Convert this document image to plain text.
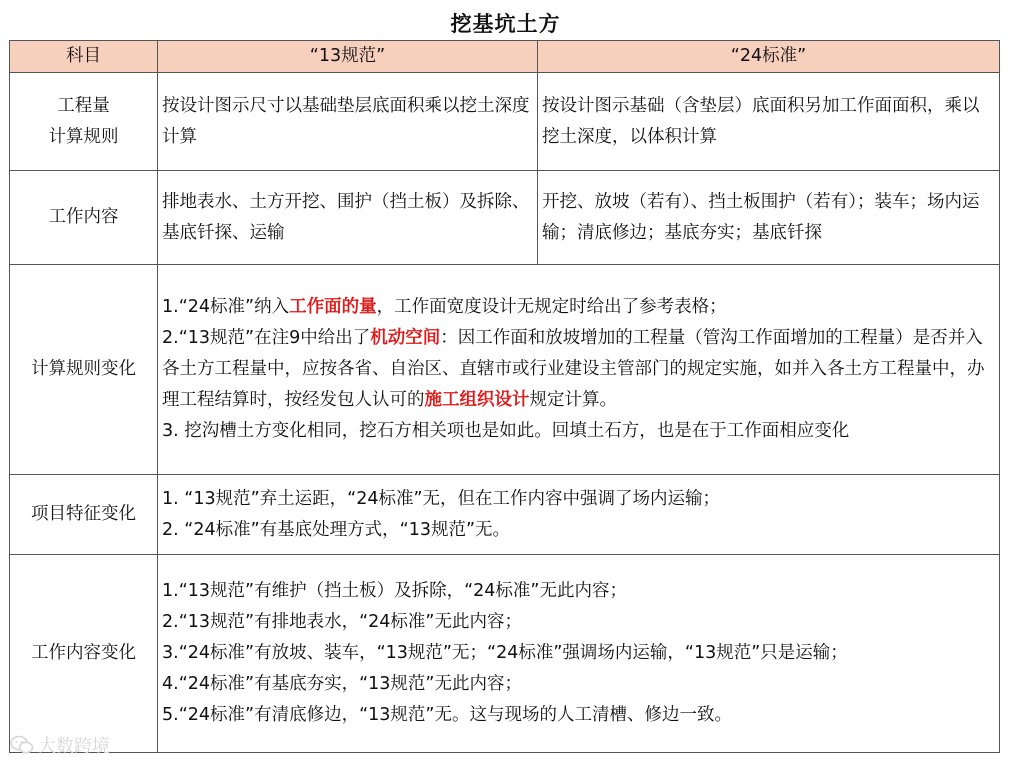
挖基坑土方
科目	“13规范”	“24标准”

工程量
计算规则	按设计图示尺寸以基础垫层底面积乘以挖土深度计算	按设计图示基础（含垫层）底面积另加工作面面积，乘以挖土深度，以体积计算
工作内容	排地表水、土方开挖、围护（挡土板）及拆除、基底钎探、运输	开挖、放坡（若有）、挡土板围护（若有）；装车；场内运输；清底修边；基底夯实；基底钎探
计算规则变化	1.“24标准”纳入工作面的量，工作面宽度设计无规定时给出了参考表格；
2.“13规范”在注9中给出了机动空间：因工作面和放坡增加的工程量（管沟工作面增加的工程量）是否并入各土方工程量中，应按各省、自治区、直辖市或行业建设主管部门的规定实施，如并入各土方工程量中，办理工程结算时，按经发包人认可的施工组织设计规定计算。
3. 挖沟槽土方变化相同，挖石方相关项也是如此。回填土石方，也是在于工作面相应变化	

项目特征变化	1. “13规范”弃土运距，“24标准”无，但在工作内容中强调了场内运输；
2. “24标准”有基底处理方式，“13规范”无。	

工作内容变化	1.“13规范”有维护（挡土板）及拆除，“24标准”无此内容；
2.“13规范”有排地表水，“24标准”无此内容；
3.“24标准”有放坡、装车，“13规范”无；“24标准”强调场内运输，“13规范”只是运输；
4.“24标准”有基底夯实，“13规范”无此内容；
5.“24标准”有清底修边，“13规范”无。这与现场的人工清槽、修边一致。	
大数跨境
